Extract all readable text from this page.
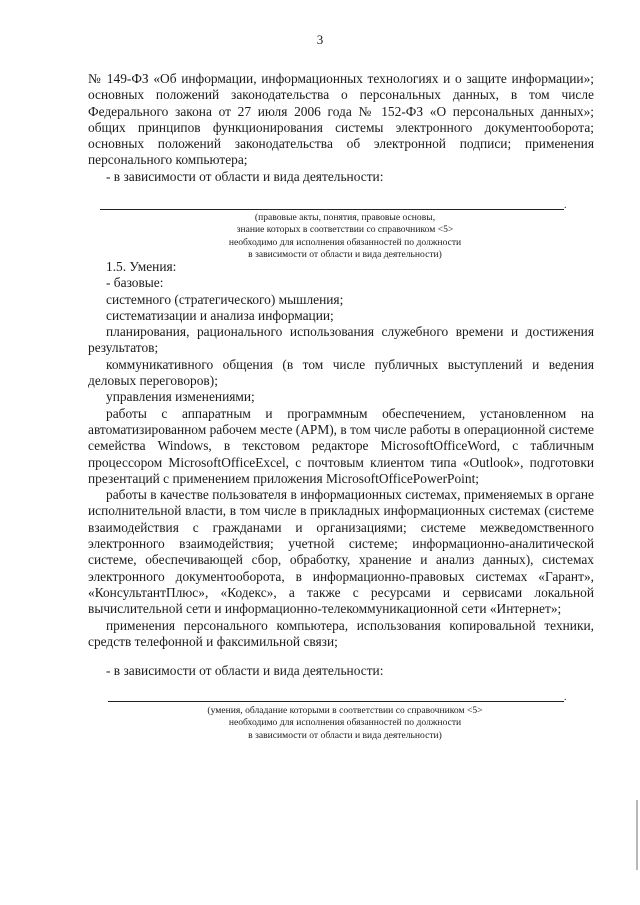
3

№ 149-ФЗ «Об информации, информационных технологиях и о защите информации»; основных положений законодательства о персональных данных, в том числе Федерального закона от 27 июля 2006 года № 152-ФЗ «О персональных данных»; общих принципов функционирования системы электронного документооборота; основных положений законодательства об электронной подписи; применения персонального компьютера;

- в зависимости от области и вида деятельности:

.
(правовые акты, понятия, правовые основы,
знание которых в соответствии со справочником <5>
необходимо для исполнения обязанностей по должности
в зависимости от области и вида деятельности)

1.5. Умения:

- базовые:

системного (стратегического) мышления;

систематизации и анализа информации;

планирования, рационального использования служебного времени и достижения результатов;

коммуникативного общения (в том числе публичных выступлений и ведения деловых переговоров);

управления изменениями;

работы с аппаратным и программным обеспечением, установленном на автоматизированном рабочем месте (АРМ), в том числе работы в операционной системе семейства Windows, в текстовом редакторе MicrosoftOfficeWord, с табличным процессором MicrosoftOfficeExcel, с почтовым клиентом типа «Outlook», подготовки презентаций с применением приложения MicrosoftOfficePowerPoint;

работы в качестве пользователя в информационных системах, применяемых в органе исполнительной власти, в том числе в прикладных информационных системах (системе взаимодействия с гражданами и организациями; системе межведомственного электронного взаимодействия; учетной системе; информационно-аналитической системе, обеспечивающей сбор, обработку, хранение и анализ данных), системах электронного документооборота, в информационно-правовых системах «Гарант», «КонсультантПлюс», «Кодекс», а также с ресурсами и сервисами локальной вычислительной сети и информационно-телекоммуникационной сети «Интернет»;

применения персонального компьютера, использования копировальной техники, средств телефонной и факсимильной связи;

- в зависимости от области и вида деятельности:

.
(умения, обладание которыми в соответствии со справочником <5>
необходимо для исполнения обязанностей по должности
в зависимости от области и вида деятельности)
